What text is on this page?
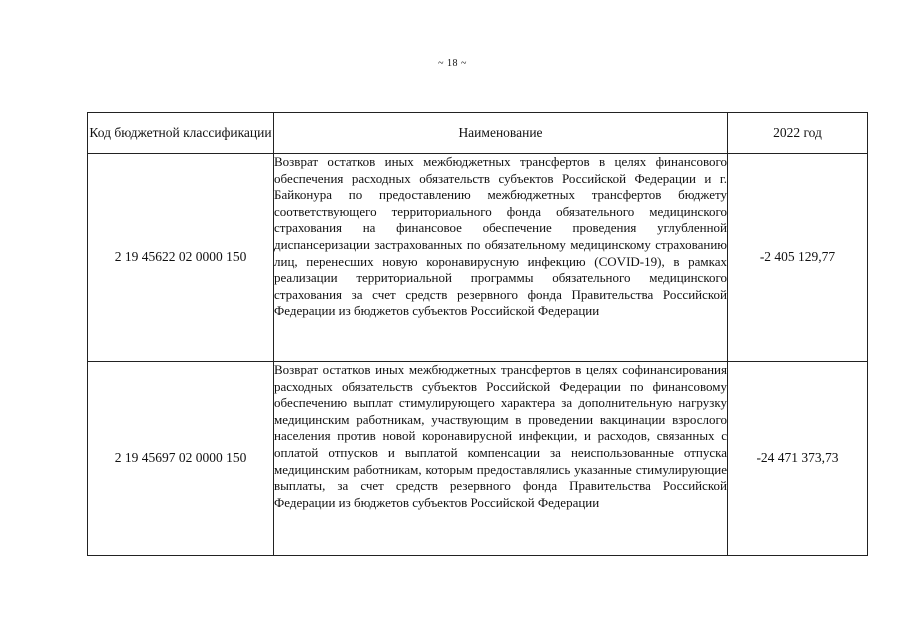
~ 18 ~
Код бюджетной классификации	Наименование	2022 год
2 19 45622 02 0000 150	Возврат остатков иных межбюджетных трансфертов в целях финансового обеспечения расходных обязательств субъектов Российской Федерации и г. Байконура по предоставлению межбюджетных трансфертов бюджету соответствующего территориального фонда обязательного медицинского страхования на финансовое обеспечение проведения углубленной диспансеризации застрахованных по обязательному медицинскому страхованию лиц, перенесших новую коронавирусную инфекцию (COVID-19), в рамках реализации территориальной программы обязательного медицинского страхования за счет средств резервного фонда Правительства Российской Федерации из бюджетов субъектов Российской Федерации	-2 405 129,77
2 19 45697 02 0000 150	Возврат остатков иных межбюджетных трансфертов в целях софинансирования расходных обязательств субъектов Российской Федерации по финансовому обеспечению выплат стимулирующего характера за дополнительную нагрузку медицинским работникам, участвующим в проведении вакцинации взрослого населения против новой коронавирусной инфекции, и расходов, связанных с оплатой отпусков и выплатой компенсации за неиспользованные отпуска медицинским работникам, которым предоставлялись указанные стимулирующие выплаты, за счет средств резервного фонда Правительства Российской Федерации из бюджетов субъектов Российской Федерации	-24 471 373,73
